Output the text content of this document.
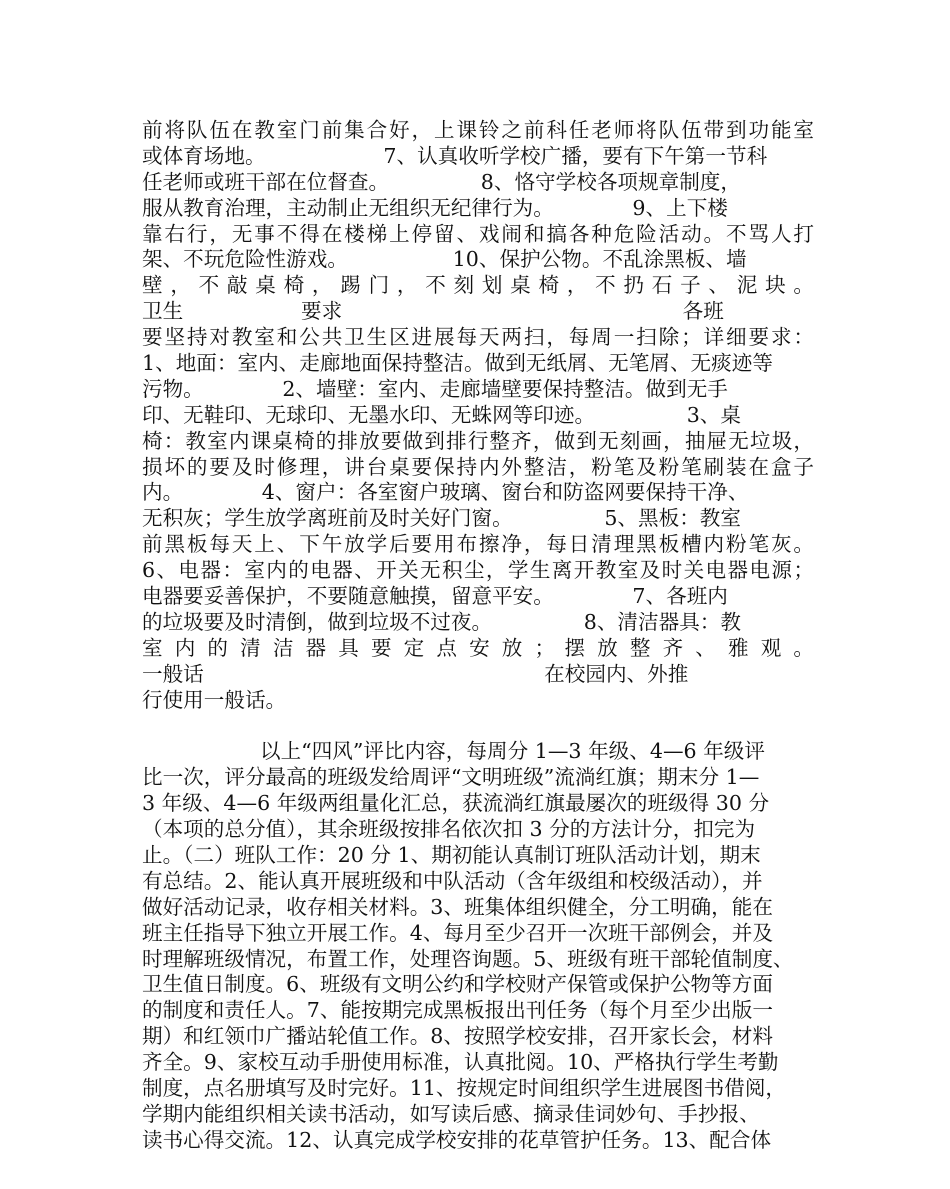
前将队伍在教室门前集合好，上课铃之前科任老师将队伍带到功能室
或体育场地。                  7、认真收听学校广播，要有下午第一节科
任老师或班干部在位督查。              8、恪守学校各项规章制度，
服从教育治理，主动制止无组织无纪律行为。            9、上下楼
靠右行，无事不得在楼梯上停留、戏闹和搞各种危险活动。不骂人打
架、不玩危险性游戏。                10、保护公物。不乱涂黑板、墙
壁 ， 不 敲 桌 椅 ， 踢 门 ， 不 刻 划 桌 椅 ， 不 扔 石 子 、 泥 块 。
卫生                  要求                                                    各班
要坚持对教室和公共卫生区进展每天两扫，每周一扫除；详细要求：
1、地面：室内、走廊地面保持整洁。做到无纸屑、无笔屑、无痰迹等
污物。            2、墙壁：室内、走廊墙壁要保持整洁。做到无手
印、无鞋印、无球印、无墨水印、无蛛网等印迹。              3、桌
椅：教室内课桌椅的排放要做到排行整齐，做到无刻画，抽屉无垃圾，
损坏的要及时修理，讲台桌要保持内外整洁，粉笔及粉笔刷装在盒子
内。            4、窗户：各室窗户玻璃、窗台和防盗网要保持干净、
无积灰；学生放学离班前及时关好门窗。              5、黑板：教室
前黑板每天上、下午放学后要用布擦净，每日清理黑板槽内粉笔灰。
6、电器：室内的电器、开关无积尘，学生离开教室及时关电器电源；
电器要妥善保护，不要随意触摸，留意平安。            7、各班内
的垃圾要及时清倒，做到垃圾不过夜。              8、清洁器具：教
室 内 的 清 洁 器 具 要 定 点 安 放 ； 摆 放 整 齐 、 雅 观 。
一般话                                                    在校园内、外推
行使用一般话。
以上“四风”评比内容，每周分 1—3 年级、4—6 年级评
比一次，评分最高的班级发给周评“文明班级”流淌红旗；期末分 1—
3 年级、4—6 年级两组量化汇总，获流淌红旗最屡次的班级得 30 分
（本项的总分值），其余班级按排名依次扣 3 分的方法计分，扣完为
止。（二）班队工作：20 分 1、期初能认真制订班队活动计划，期末
有总结。2、能认真开展班级和中队活动（含年级组和校级活动），并
做好活动记录，收存相关材料。3、班集体组织健全，分工明确，能在
班主任指导下独立开展工作。4、每月至少召开一次班干部例会，并及
时理解班级情况，布置工作，处理咨询题。5、班级有班干部轮值制度、
卫生值日制度。6、班级有文明公约和学校财产保管或保护公物等方面
的制度和责任人。7、能按期完成黑板报出刊任务（每个月至少出版一
期）和红领巾广播站轮值工作。8、按照学校安排，召开家长会，材料
齐全。9、家校互动手册使用标准，认真批阅。10、严格执行学生考勤
制度，点名册填写及时完好。11、按规定时间组织学生进展图书借阅，
学期内能组织相关读书活动，如写读后感、摘录佳词妙句、手抄报、
读书心得交流。12、认真完成学校安排的花草管护任务。13、配合体
